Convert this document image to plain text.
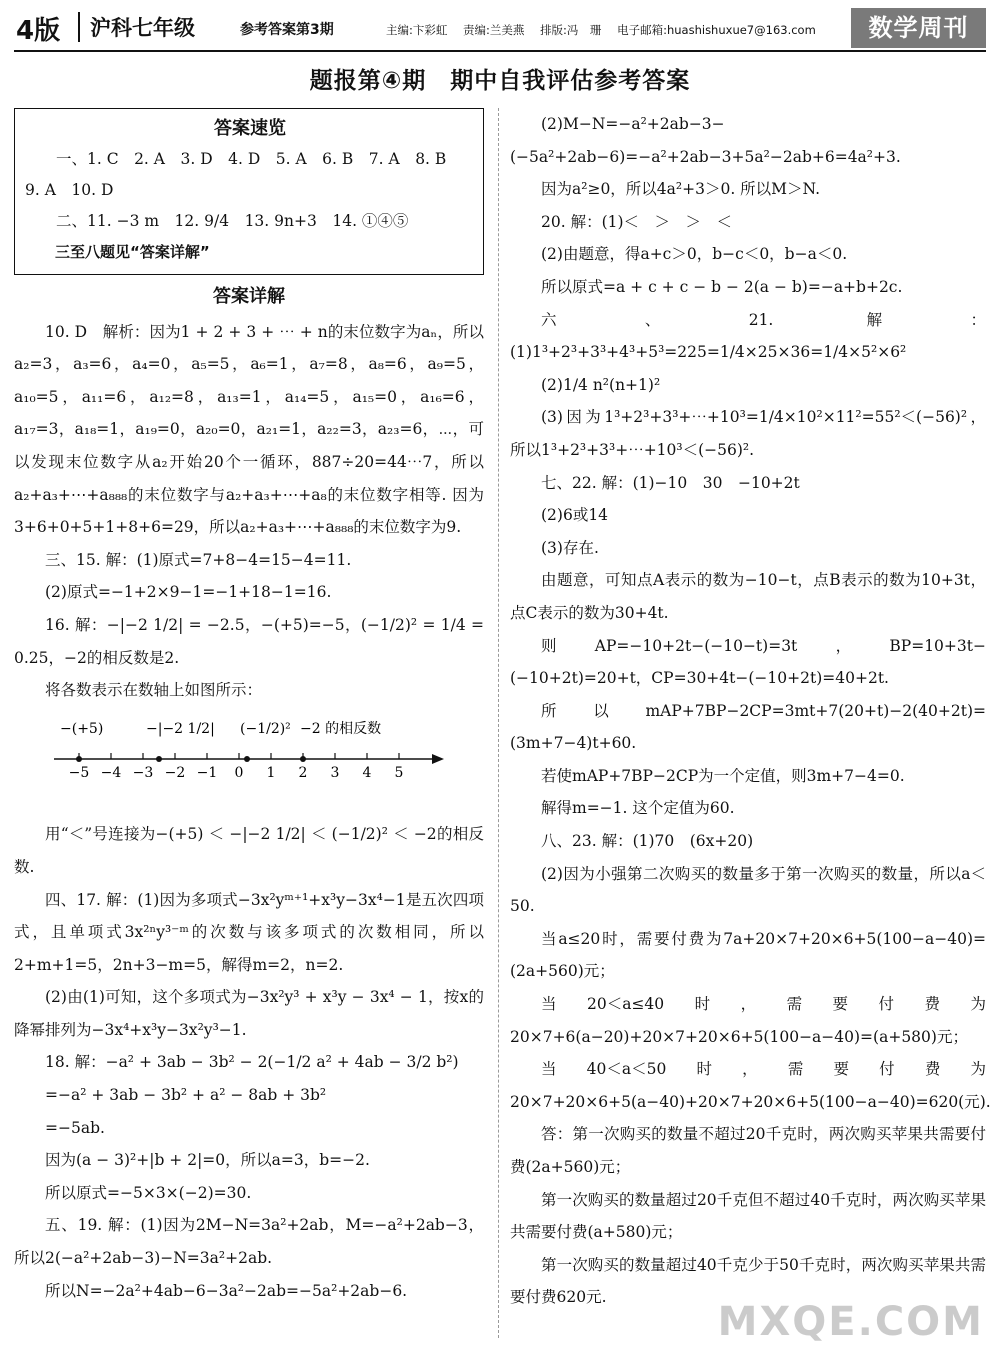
4版 沪科七年级	参考答案第3期	主编:卞彩虹 责编:兰美燕 排版:冯　珊 电子邮箱:huashishuxue7@163.com	数学周刊
题报第④期　期中自我评估参考答案
答案速览

一、1. C　2. A　3. D　4. D　5. A　6. B　7. A　8. B

9. A　10. D

二、11. −3 m　12. 9/4　13. 9n+3　14. ①④⑤

三至八题见“答案详解”

答案详解

10. D　解析：因为1 + 2 + 3 + ⋯ + n的末位数字为aₙ，所以a₂=3，a₃=6，a₄=0，a₅=5，a₆=1，a₇=8，a₈=6，a₉=5，a₁₀=5，a₁₁=6，a₁₂=8，a₁₃=1，a₁₄=5，a₁₅=0，a₁₆=6，a₁₇=3，a₁₈=1，a₁₉=0，a₂₀=0，a₂₁=1，a₂₂=3，a₂₃=6，⋯，可以发现末位数字从a₂开始20个一循环，887÷20=44⋯7，所以a₂+a₃+⋯+a₈₈₈的末位数字与a₂+a₃+⋯+a₈的末位数字相等. 因为3+6+0+5+1+8+6=29，所以a₂+a₃+⋯+a₈₈₈的末位数字为9.

三、15. 解：(1)原式=7+8−4=15−4=11.

(2)原式=−1+2×9−1=−1+18−1=16.

16. 解：−|−2 1/2| = −2.5，−(+5)=−5，(−1/2)² = 1/4 = 0.25，−2的相反数是2.

将各数表示在数轴上如图所示：

−(+5)	−|−2 1/2| (−1/2)² −2 的相反数
−5 −4 −3 −2 −1 0 1 2 3 4 5

用“＜”号连接为−(+5) ＜ −|−2 1/2| ＜ (−1/2)² ＜ −2的相反数.

四、17. 解：(1)因为多项式−3x²yᵐ⁺¹+x³y−3x⁴−1是五次四项式，且单项式3x²ⁿy³⁻ᵐ的次数与该多项式的次数相同，所以2+m+1=5，2n+3−m=5，解得m=2，n=2.

(2)由(1)可知，这个多项式为−3x²y³ + x³y − 3x⁴ − 1，按x的降幂排列为−3x⁴+x³y−3x²y³−1.

18. 解：−a² + 3ab − 3b² − 2(−1/2 a² + 4ab − 3/2 b²)

=−a² + 3ab − 3b² + a² − 8ab + 3b²

=−5ab.

因为(a − 3)²+|b + 2|=0，所以a=3，b=−2.

所以原式=−5×3×(−2)=30.

五、19. 解：(1)因为2M−N=3a²+2ab，M=−a²+2ab−3，所以2(−a²+2ab−3)−N=3a²+2ab.

所以N=−2a²+4ab−6−3a²−2ab=−5a²+2ab−6.

(2)M−N=−a²+2ab−3−(−5a²+2ab−6)=−a²+2ab−3+5a²−2ab+6=4a²+3.

因为a²≥0，所以4a²+3＞0. 所以M＞N.

20. 解：(1)＜　＞　＞　＜

(2)由题意，得a+c＞0，b−c＜0，b−a＜0.

所以原式=a + c + c − b − 2(a − b)=−a+b+2c.

六、21. 解：(1)1³+2³+3³+4³+5³=225=1/4×25×36=1/4×5²×6²

(2)1/4 n²(n+1)²

(3)因为1³+2³+3³+⋯+10³=1/4×10²×11²=55²＜(−56)²，所以1³+2³+3³+⋯+10³＜(−56)².

七、22. 解：(1)−10　30　−10+2t

(2)6或14

(3)存在.

由题意，可知点A表示的数为−10−t，点B表示的数为10+3t，点C表示的数为30+4t.

则AP=−10+2t−(−10−t)=3t，BP=10+3t−(−10+2t)=20+t，CP=30+4t−(−10+2t)=40+2t.

所以mAP+7BP−2CP=3mt+7(20+t)−2(40+2t)=(3m+7−4)t+60.

若使mAP+7BP−2CP为一个定值，则3m+7−4=0.

解得m=−1. 这个定值为60.

八、23. 解：(1)70　(6x+20)

(2)因为小强第二次购买的数量多于第一次购买的数量，所以a＜50.

当a≤20时，需要付费为7a+20×7+20×6+5(100−a−40)=(2a+560)元；

当20＜a≤40时，需要付费为20×7+6(a−20)+20×7+20×6+5(100−a−40)=(a+580)元；

当40＜a＜50时，需要付费为20×7+20×6+5(a−40)+20×7+20×6+5(100−a−40)=620(元).

答：第一次购买的数量不超过20千克时，两次购买苹果共需要付费(2a+560)元；

第一次购买的数量超过20千克但不超过40千克时，两次购买苹果共需要付费(a+580)元；

第一次购买的数量超过40千克少于50千克时，两次购买苹果共需要付费620元.

MXQE.COM
